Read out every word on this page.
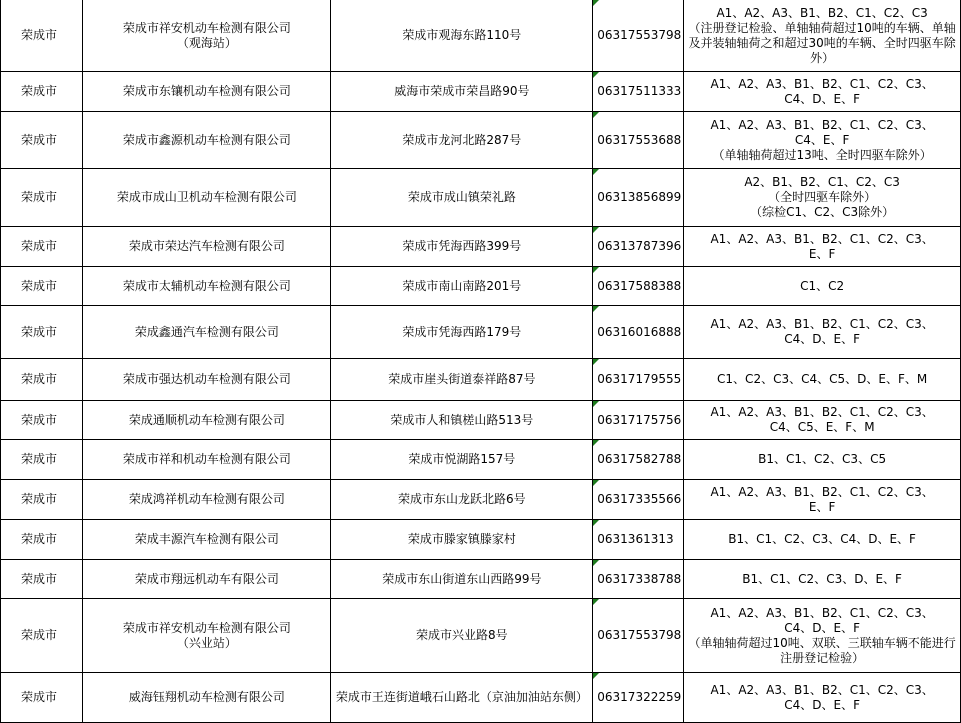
荣成市	荣成市祥安机动车检测有限公司
（观海站）	荣成市观海东路110号	06317553798	A1、A2、A3、B1、B2、C1、C2、C3
（注册登记检验、单轴轴荷超过10吨的车辆、单轴及并装轴轴荷之和超过30吨的车辆、全时四驱车除外）
荣成市	荣成市东镶机动车检测有限公司	威海市荣成市荣昌路90号	06317511333	A1、A2、A3、B1、B2、C1、C2、C3、
C4、D、E、F
荣成市	荣成市鑫源机动车检测有限公司	荣成市龙河北路287号	06317553688	A1、A2、A3、B1、B2、C1、C2、C3、
C4、E、F
（单轴轴荷超过13吨、全时四驱车除外）
荣成市	荣成市成山卫机动车检测有限公司	荣成市成山镇荣礼路	06313856899	A2、B1、B2、C1、C2、C3
（全时四驱车除外）
（综检C1、C2、C3除外）
荣成市	荣成市荣达汽车检测有限公司	荣成市凭海西路399号	06313787396	A1、A2、A3、B1、B2、C1、C2、C3、
E、F
荣成市	荣成市太辅机动车检测有限公司	荣成市南山南路201号	06317588388	C1、C2
荣成市	荣成鑫通汽车检测有限公司	荣成市凭海西路179号	06316016888	A1、A2、A3、B1、B2、C1、C2、C3、
C4、D、E、F
荣成市	荣成市强达机动车检测有限公司	荣成市崖头街道泰祥路87号	06317179555	C1、C2、C3、C4、C5、D、E、F、M
荣成市	荣成通顺机动车检测有限公司	荣成市人和镇槎山路513号	06317175756	A1、A2、A3、B1、B2、C1、C2、C3、
C4、C5、E、F、M
荣成市	荣成市祥和机动车检测有限公司	荣成市悦湖路157号	06317582788	B1、C1、C2、C3、C5
荣成市	荣成鸿祥机动车检测有限公司	荣成市东山龙跃北路6号	06317335566	A1、A2、A3、B1、B2、C1、C2、C3、
E、F
荣成市	荣成丰源汽车检测有限公司	荣成市滕家镇滕家村	0631361313	B1、C1、C2、C3、C4、D、E、F
荣成市	荣成市翔远机动车有限公司	荣成市东山街道东山西路99号	06317338788	B1、C1、C2、C3、D、E、F
荣成市	荣成市祥安机动车检测有限公司
（兴业站）	荣成市兴业路8号	06317553798	A1、A2、A3、B1、B2、C1、C2、C3、
C4、D、E、F
（单轴轴荷超过10吨、双联、三联轴车辆不能进行注册登记检验）
荣成市	威海钰翔机动车检测有限公司	荣成市王连街道峨石山路北（京油加油站东侧）	06317322259	A1、A2、A3、B1、B2、C1、C2、C3、
C4、D、E、F
